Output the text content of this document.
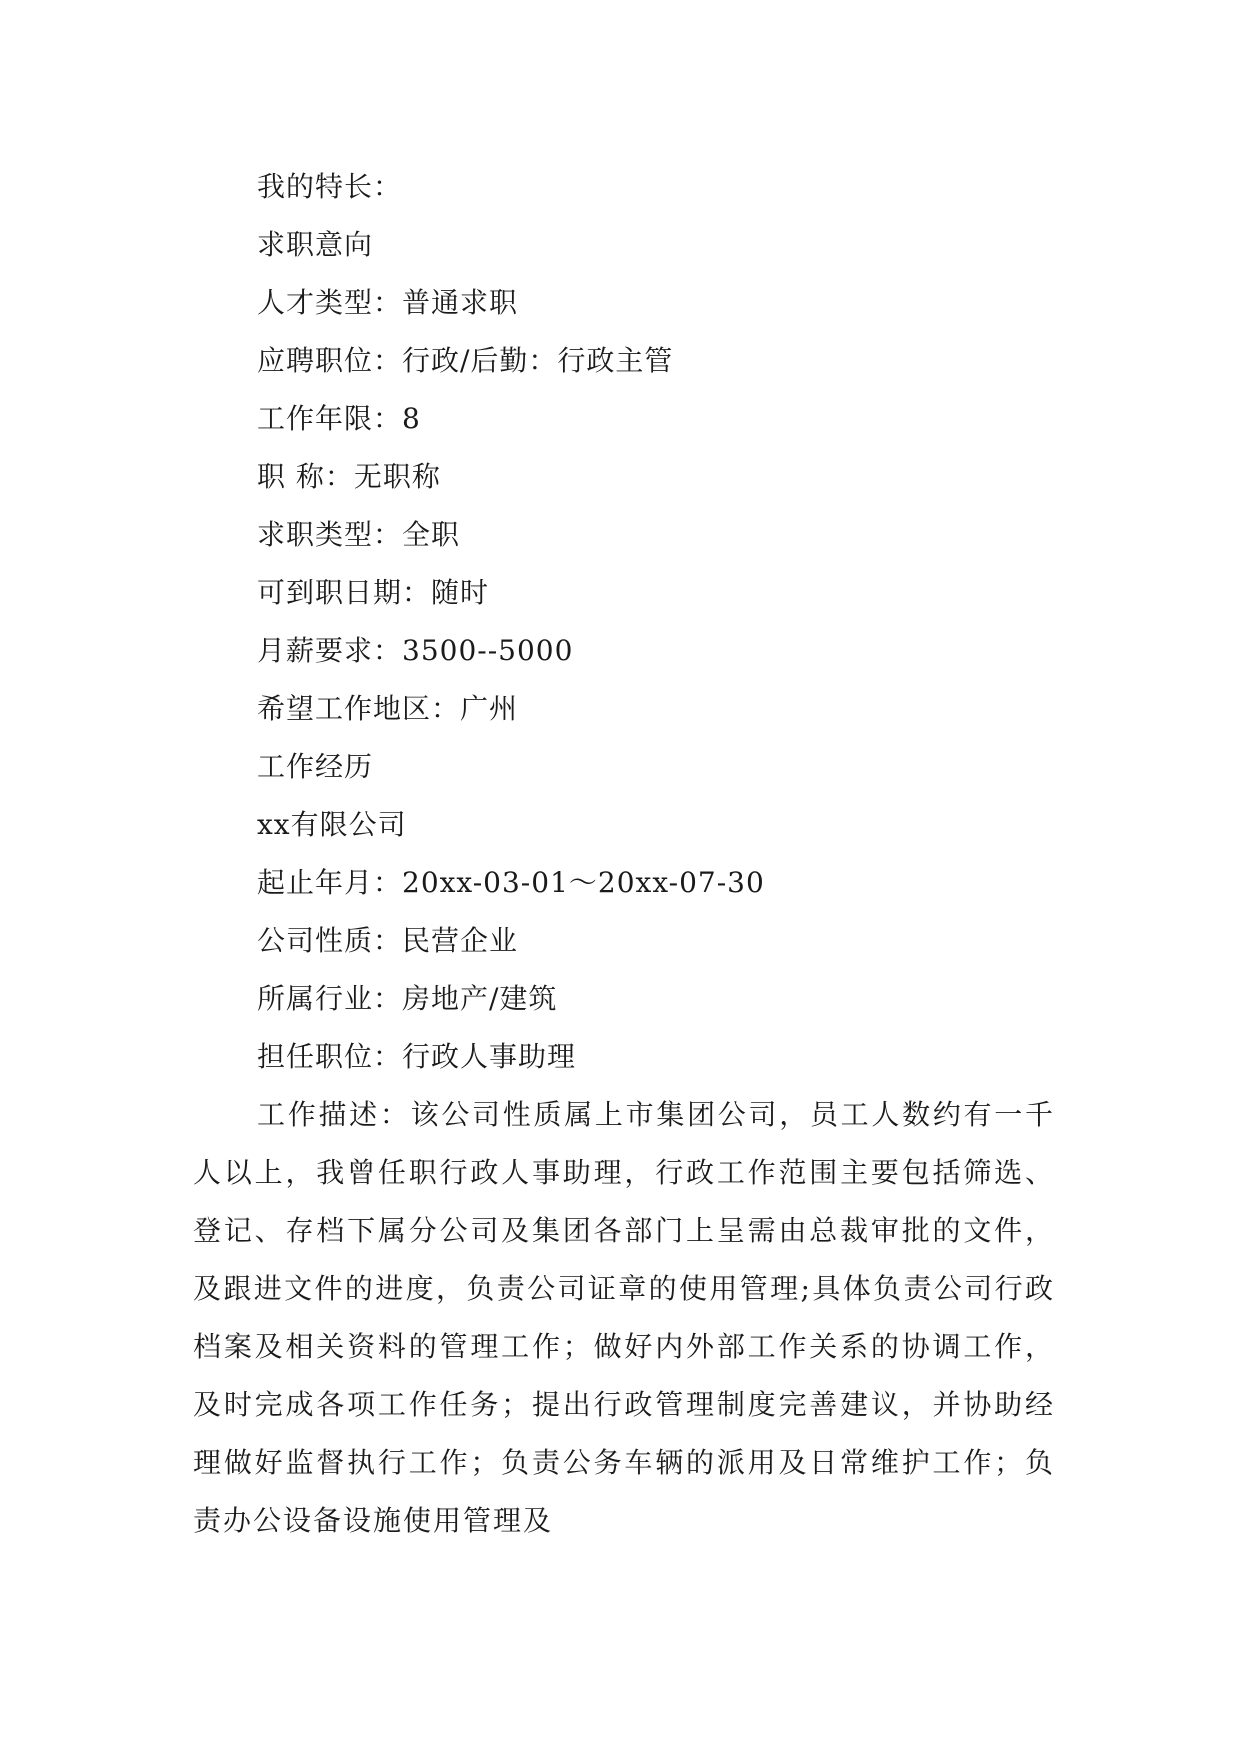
我的特长：
求职意向
人才类型：普通求职
应聘职位：行政/后勤：行政主管
工作年限：8
职 称：无职称
求职类型：全职
可到职日期：随时
月薪要求：3500--5000
希望工作地区：广州
工作经历
xx有限公司
起止年月：20xx-03-01～20xx-07-30
公司性质：民营企业
所属行业：房地产/建筑
担任职位：行政人事助理

工作描述：该公司性质属上市集团公司，员工人数约有一千人以上，我曾任职行政人事助理，行政工作范围主要包括筛选、登记、存档下属分公司及集团各部门上呈需由总裁审批的文件，及跟进文件的进度，负责公司证章的使用管理;具体负责公司行政档案及相关资料的管理工作；做好内外部工作关系的协调工作，及时完成各项工作任务；提出行政管理制度完善建议，并协助经理做好监督执行工作；负责公务车辆的派用及日常维护工作；负责办公设备设施使用管理及
